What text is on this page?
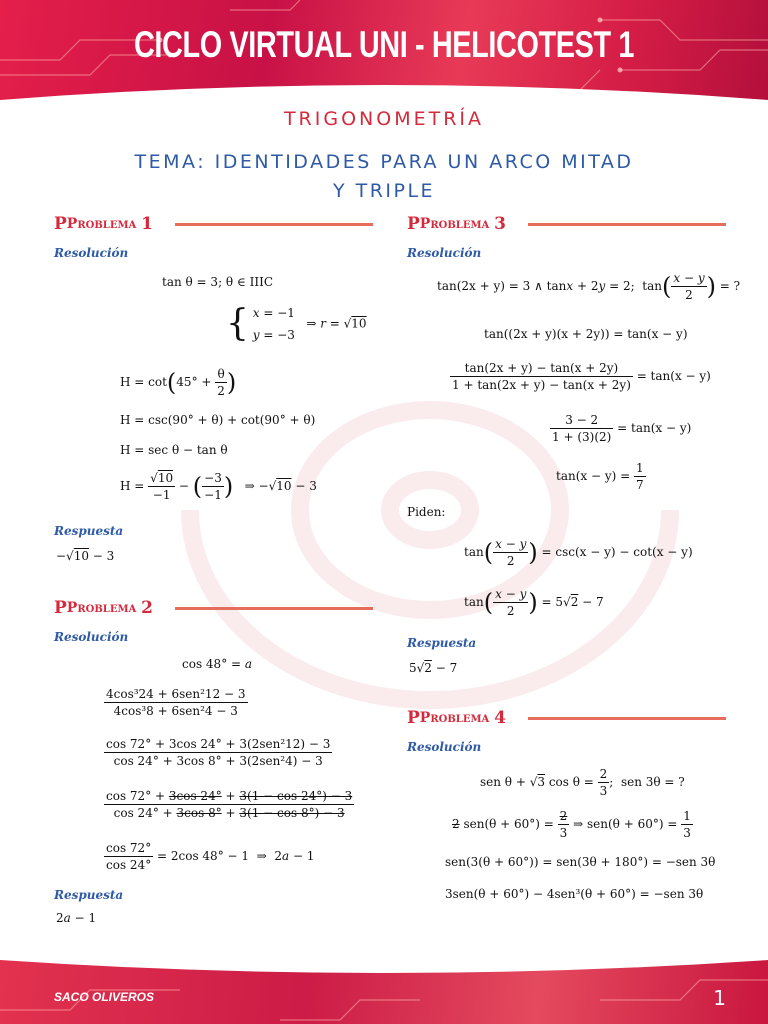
CICLO VIRTUAL UNI - HELICOTEST 1
TRIGONOMETRÍA
TEMA: IDENTIDADES PARA UN ARCO MITAD
Y TRIPLE
P Problema
1
Resolución
tan θ = 3; θ ∈ IIIC
{ x = −1
y = −3   ⇒ r = √10
$H = \cot(45^\circ + \frac{\theta}{2}$ )
H = csc(90° + θ) + cot(90° + θ)
H = sec θ − tan θ
$H = \frac{√10}{-1}$ − ( $\frac{-3}{-1}$ )   ⇒ −√10 − 3
Respuesta
−√10 − 3
P Problema
2
Resolución
cos 48° = a
$\frac{\text{4cos³24 + 6sen²12 − 3}}{\text{4cos³8 + 6sen²4 − 3}}$
$\frac{\text{cos 72° + 3cos 24° + 3(2sen²12) − 3}}{\text{cos 24° + 3cos 8° + 3(2sen²4) − 3}}$
$\frac{\cos 72^\circ + 3\cos 24^\circ + 3(1 - \cos 24^\circ) - 3}{\cos 24^\circ + 3\cos 8^\circ + 3(1 - \cos 8^\circ) - 3}$
$\frac{\cos 72^\circ}{\cos 24^\circ} = 2\cos$ 48° − 1  ⇒  2a − 1
Respuesta
2a − 1
P Problema
3
Resolución
tan(2x + y) = 3 ∧ tanx + 2y = 2;  $\tan( \frac{x - y}{2}$ ) = ?
tan((2x + y)(x + 2y)) = tan(x − y)
$\frac{\tan(2x + y) - \tan(x + 2y)}{1 + \tan(2x + y) - \tan(x + 2y)} = \tan(x - y)$
$\frac{3 - 2}{1 + (3)(2)} = \tan(x - y)$
$\tan(x - y) = \frac{1}{7}$
Piden:
$\tan( \frac{x - y}{2}$ ) = csc(x − y) − cot(x − y)
$\tan( \frac{x - y}{2}$ ) = 5√2 − 7
Respuesta
5√2 − 7
P Problema
4
Resolución
sen θ + √3 $\cos \theta = \frac{2}{3}$ ;  sen 3θ = ?
2 $sen(\theta + 60^\circ) = \frac{2}{3}$ ⇒ $sen(\theta + 60^\circ) = \frac{1}{3}$
sen(3(θ + 60°)) = sen(3θ + 180°) = −sen 3θ
3sen(θ + 60°) − 4sen³(θ + 60°) = −sen 3θ
SACO OLIVEROS	1
